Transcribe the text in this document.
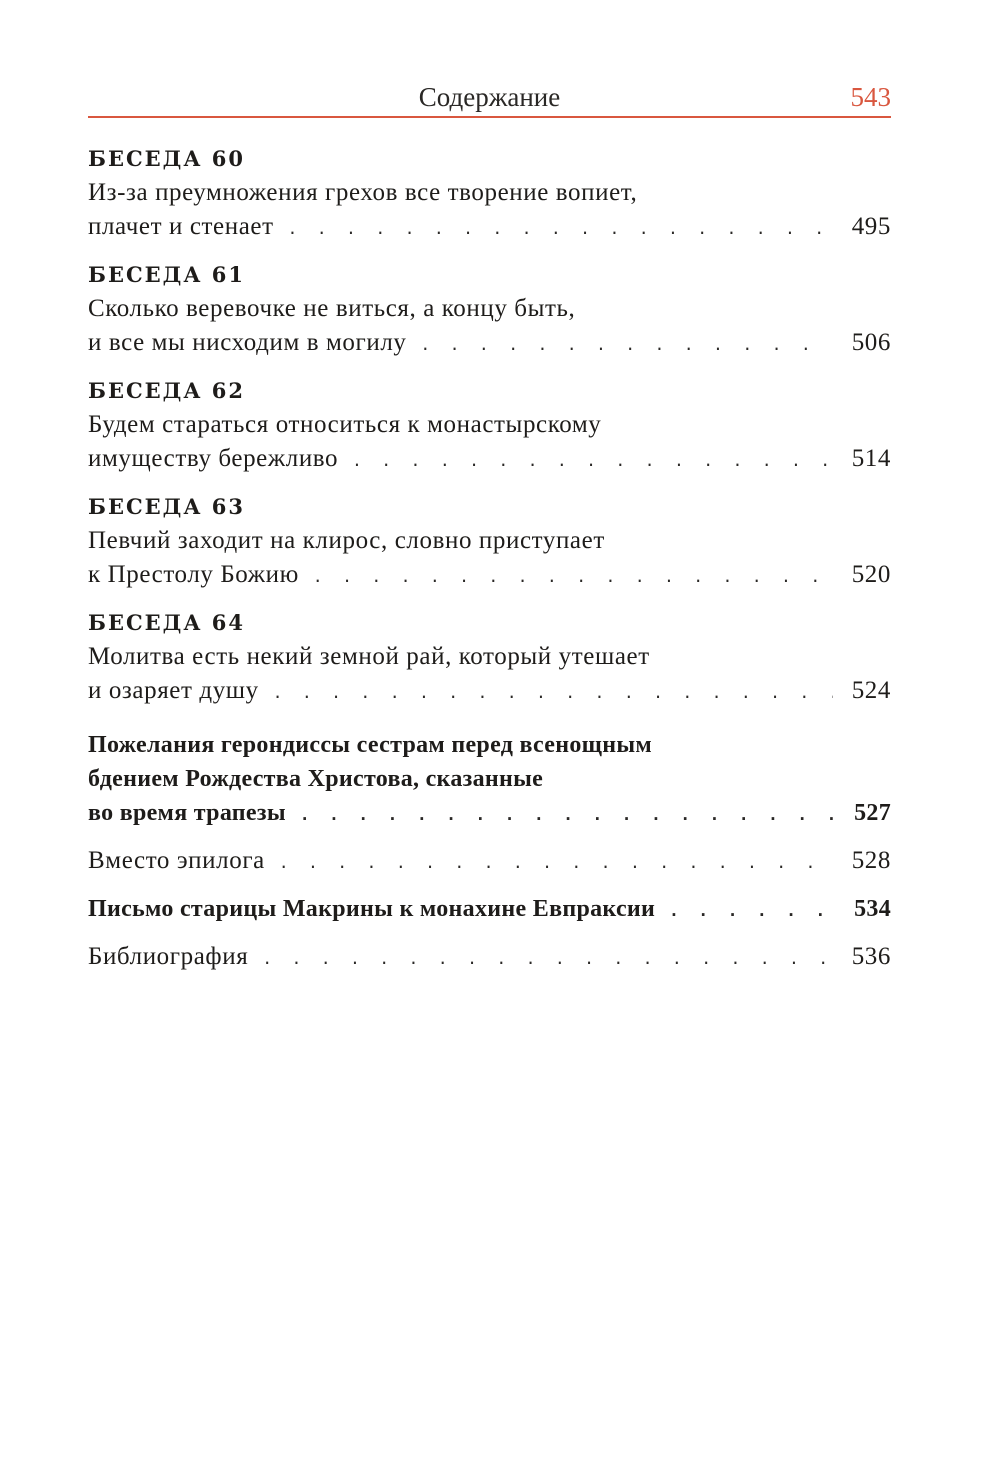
Содержание	543
БЕСЕДА 60
Из-за преумножения грехов все творение вопиет,
плачет и стенает . . .	495
БЕСЕДА 61
Сколько веревочке не виться, а концу быть,
и все мы нисходим в могилу . . .	506
БЕСЕДА 62
Будем стараться относиться к монастырскому
имуществу бережливо . . .	514
БЕСЕДА 63
Певчий заходит на клирос, словно приступает
к Престолу Божию . . .	520
БЕСЕДА 64
Молитва есть некий земной рай, который утешает
и озаряет душу . . .	524
Пожелания герондиссы сестрам перед всенощным
бдением Рождества Христова, сказанные
во время трапезы . . .	527
Вместо эпилога . . .	528
Письмо старицы Макрины к монахине Евпраксии . . .	534
Библиография . . .	536
